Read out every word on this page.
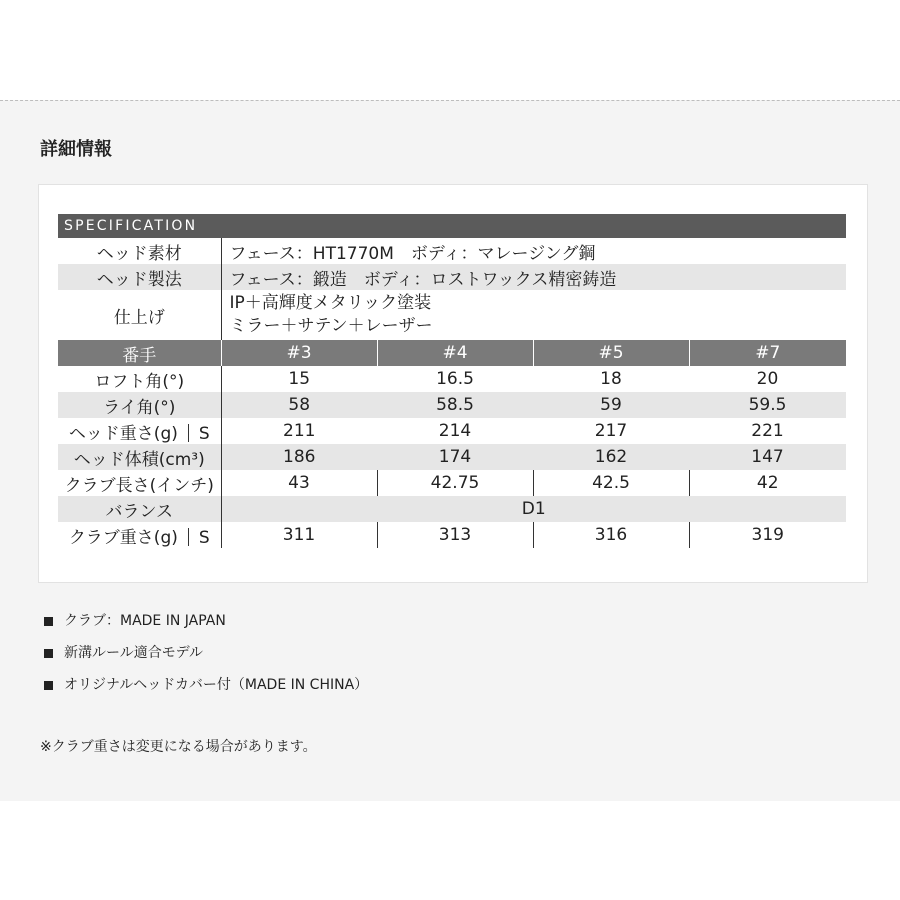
詳細情報
SPECIFICATION
ヘッド素材	フェース：HT1770M　ボディ：マレージング鋼			
ヘッド製法	フェース：鍛造　ボディ：ロストワックス精密鋳造			
仕上げ	IP＋高輝度メタリック塗装
ミラー＋サテン＋レーザー			

番手	#3	#4	#5	#7
ロフト角(°)	15	16.5	18	20
ライ角(°)	58	58.5	59	59.5
ヘッド重さ(g) S	211	214	217	221
ヘッド体積(cm³)	186	174	162	147
クラブ長さ(インチ)	43	42.75	42.5	42
バランス	D1			
クラブ重さ(g) S	311	313	316	319
クラブ：MADE IN JAPAN
新溝ルール適合モデル
オリジナルヘッドカバー付（MADE IN CHINA）
※クラブ重さは変更になる場合があります。
